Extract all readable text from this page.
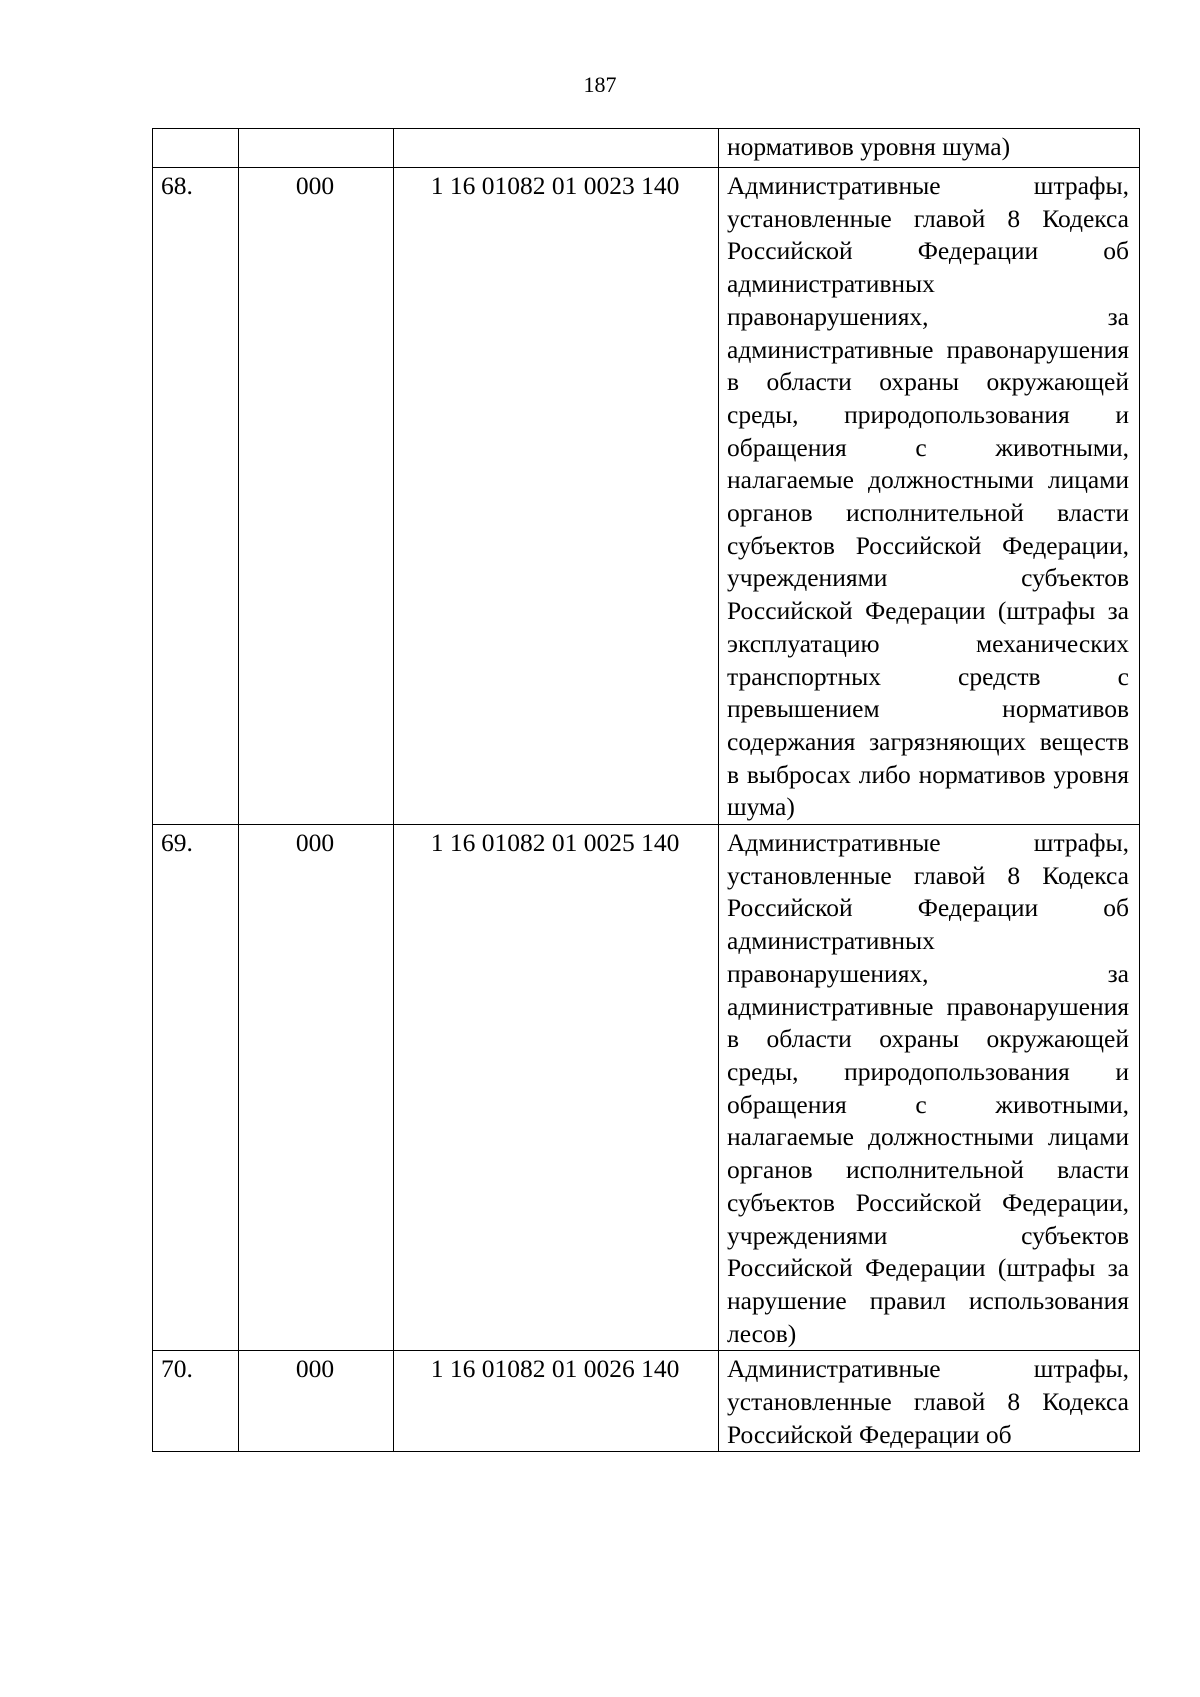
187
			нормативов уровня шума)
68.	000	1 16 01082 01 0023 140	Административные штрафы, установленные главой 8 Кодекса Российской Федерации об административных правонарушениях, за административные правонарушения в области охраны окружающей среды, природопользования и обращения с животными, налагаемые должностными лицами органов исполнительной власти субъектов Российской Федерации, учреждениями субъектов Российской Федерации (штрафы за эксплуатацию механических транспортных средств с превышением нормативов содержания загрязняющих веществ в выбросах либо нормативов уровня шума)
69.	000	1 16 01082 01 0025 140	Административные штрафы, установленные главой 8 Кодекса Российской Федерации об административных правонарушениях, за административные правонарушения в области охраны окружающей среды, природопользования и обращения с животными, налагаемые должностными лицами органов исполнительной власти субъектов Российской Федерации, учреждениями субъектов Российской Федерации (штрафы за нарушение правил использования лесов)
70.	000	1 16 01082 01 0026 140	Административные штрафы, установленные главой 8 Кодекса Российской Федерации об
